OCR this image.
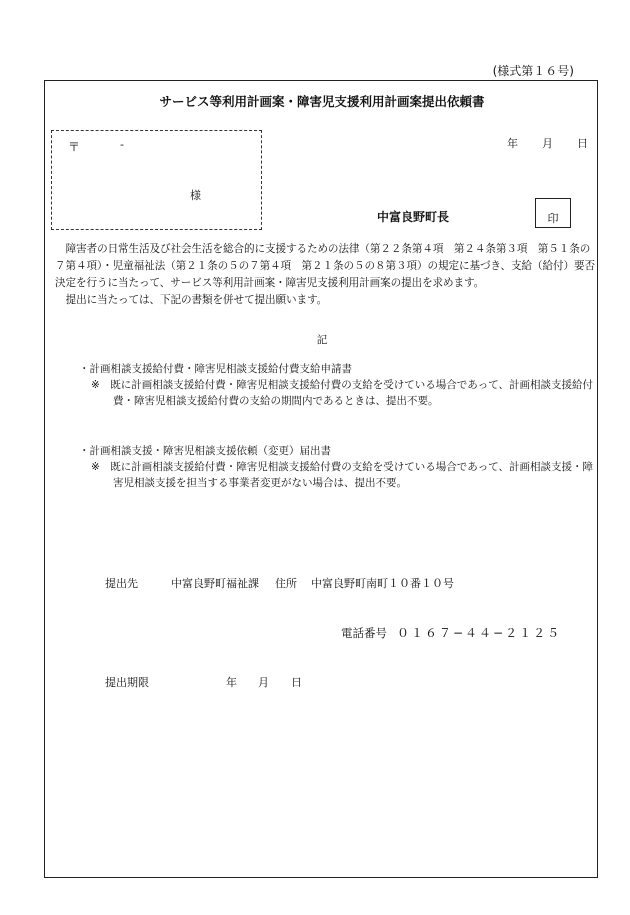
(様式第１６号)
サービス等利用計画案・障害児支援利用計画案提出依頼書
〒	-
様
年 月 日
中富良野町長	印

障害者の日常生活及び社会生活を総合的に支援するための法律（第２２条第４項　第２４条第３項　第５１条の７第４項）・児童福祉法（第２１条の５の７第４項　第２１条の５の８第３項）の規定に基づき、支給（給付）要否決定を行うに当たって、サービス等利用計画案・障害児支援利用計画案の提出を求めます。

提出に当たっては、下記の書類を併せて提出願います。

記

・計画相談支援給付費・障害児相談支援給付費支給申請書

※　既に計画相談支援給付費・障害児相談支援給付費の支給を受けている場合であって、計画相談支援給付費・障害児相談支援給付費の支給の期間内であるときは、提出不要。

・計画相談支援・障害児相談支援依頼（変更）届出書

※　既に計画相談支援給付費・障害児相談支援給付費の支給を受けている場合であって、計画相談支援・障害児相談支援を担当する事業者変更がない場合は、提出不要。

提出先	中富良野町福祉課 住所 中富良野町南町１０番１０号
電話番号 ０１６７−４４−２１２５
提出期限	年 月 日
